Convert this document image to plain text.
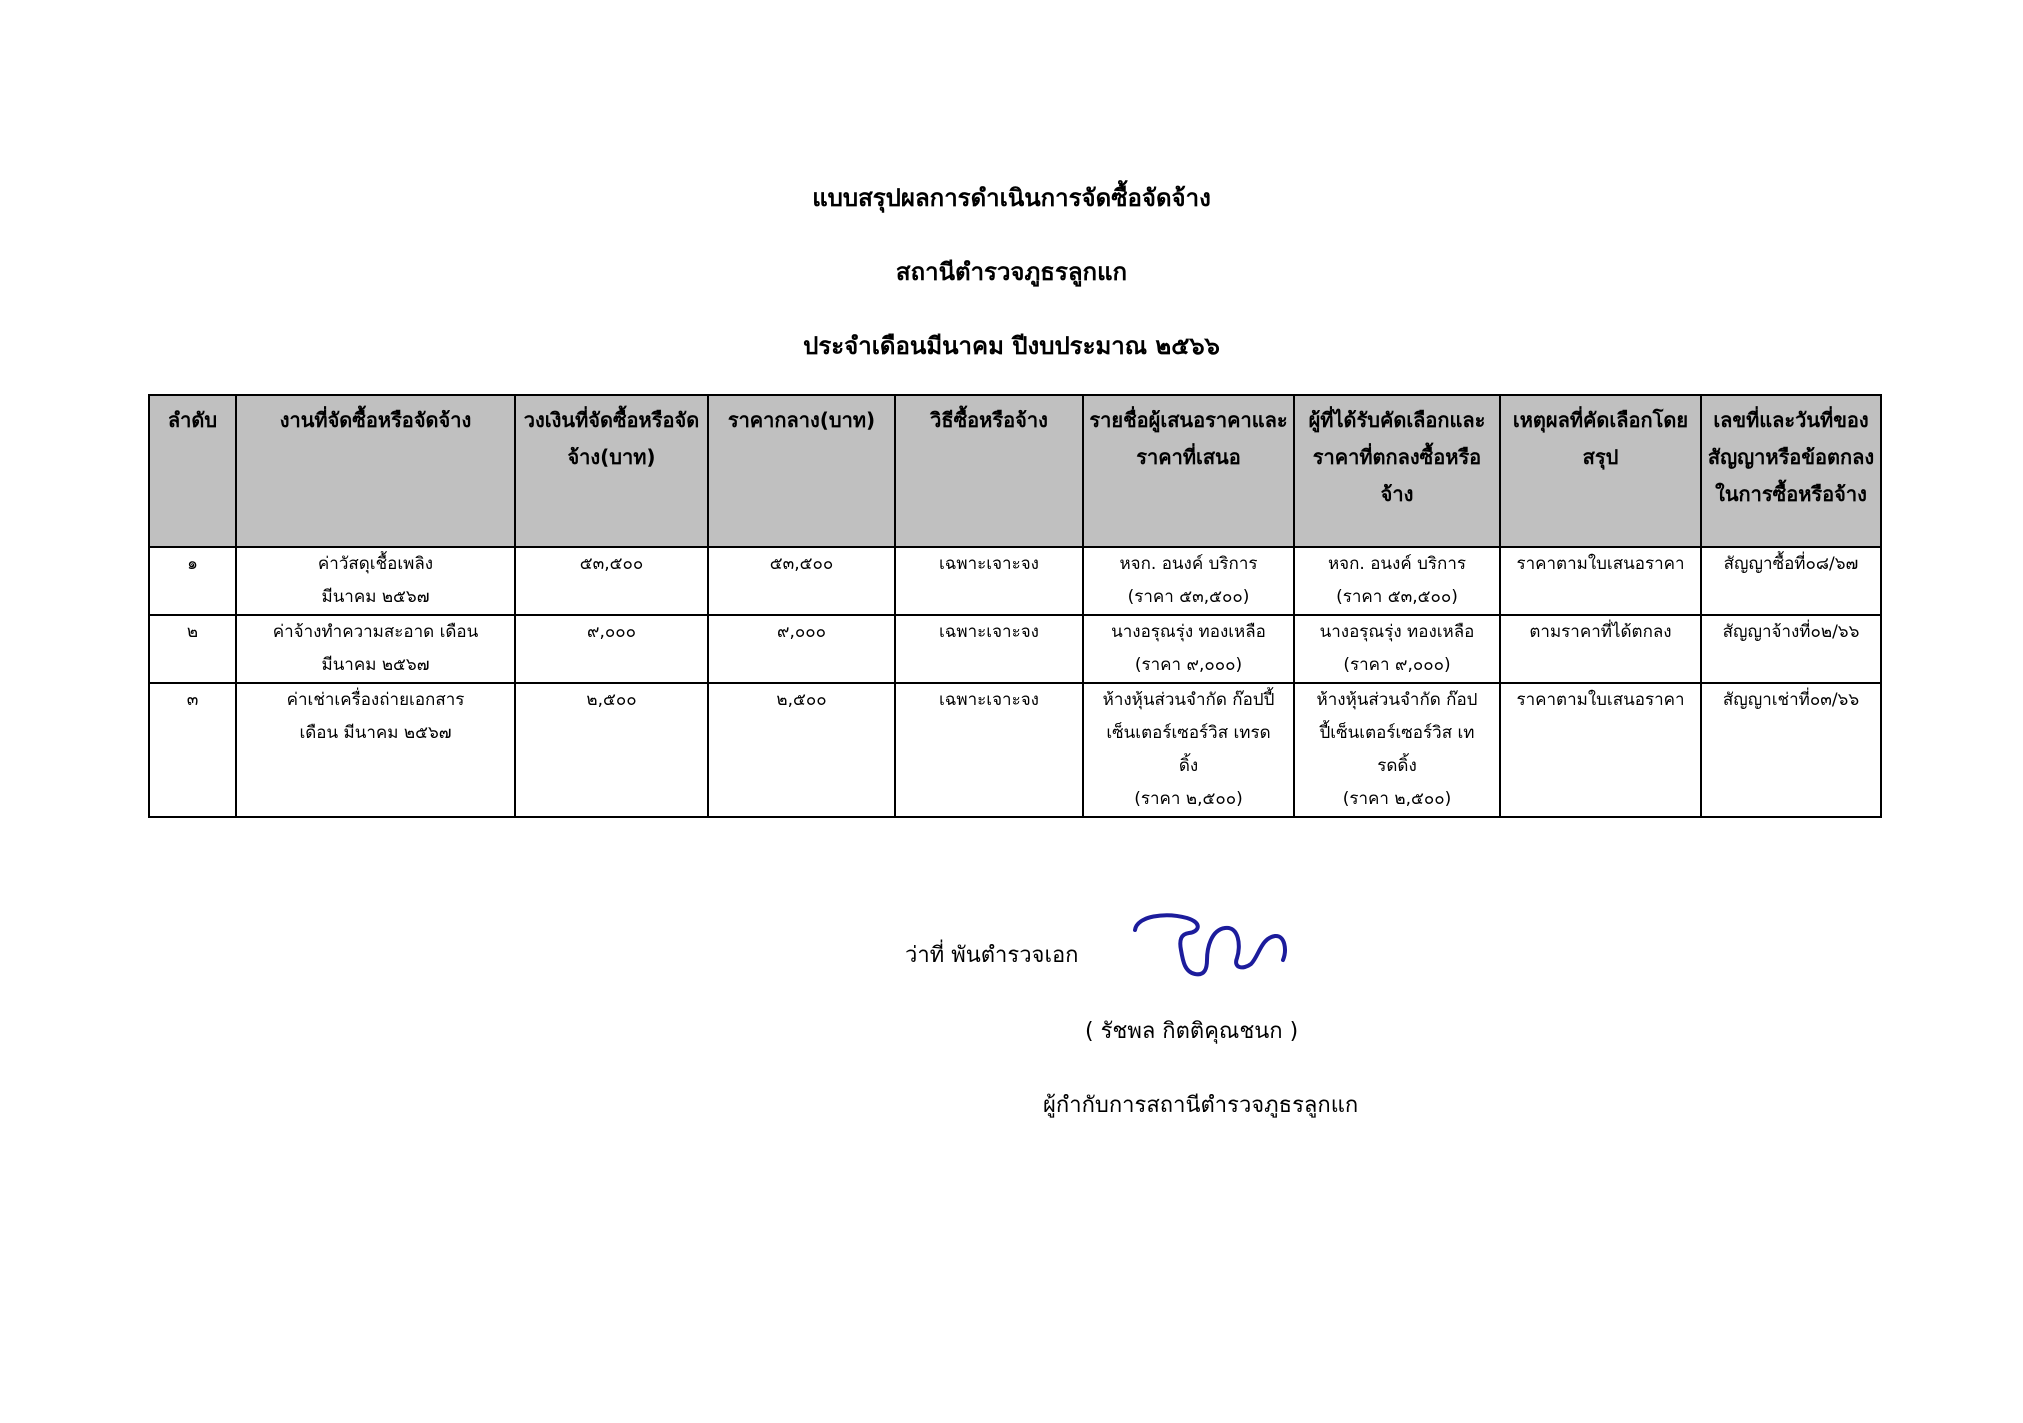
แบบสรุปผลการดำเนินการจัดซื้อจัดจ้าง
สถานีตำรวจภูธรลูกแก
ประจำเดือนมีนาคม ปีงบประมาณ ๒๕๖๖
ลำดับ	งานที่จัดซื้อหรือจัดจ้าง	วงเงินที่จัดซื้อหรือจัดจ้าง(บาท)	ราคากลาง(บาท)	วิธีซื้อหรือจ้าง	รายชื่อผู้เสนอราคาและราคาที่เสนอ	ผู้ที่ได้รับคัดเลือกและราคาที่ตกลงซื้อหรือจ้าง	เหตุผลที่คัดเลือกโดยสรุป	เลขที่และวันที่ของสัญญาหรือข้อตกลงในการซื้อหรือจ้าง

๑	ค่าวัสดุเชื้อเพลิง
มีนาคม ๒๕๖๗	๕๓,๕๐๐	๕๓,๕๐๐	เฉพาะเจาะจง	หจก. อนงค์ บริการ
(ราคา ๕๓,๕๐๐)	หจก. อนงค์ บริการ
(ราคา ๕๓,๕๐๐)	ราคาตามใบเสนอราคา	สัญญาซื้อที่๐๘/๖๗

๒	ค่าจ้างทำความสะอาด เดือน
มีนาคม ๒๕๖๗	๙,๐๐๐	๙,๐๐๐	เฉพาะเจาะจง	นางอรุณรุ่ง ทองเหลือ
(ราคา ๙,๐๐๐)	นางอรุณรุ่ง ทองเหลือ
(ราคา ๙,๐๐๐)	ตามราคาที่ได้ตกลง	สัญญาจ้างที่๐๒/๖๖

๓	ค่าเช่าเครื่องถ่ายเอกสาร
เดือน มีนาคม ๒๕๖๗	๒,๕๐๐	๒,๕๐๐	เฉพาะเจาะจง	ห้างหุ้นส่วนจำกัด ก๊อปปี้
เซ็นเตอร์เซอร์วิส เทรด
ดิ้ง
(ราคา ๒,๕๐๐)	ห้างหุ้นส่วนจำกัด ก๊อป
ปี้เซ็นเตอร์เซอร์วิส เท
รดดิ้ง
(ราคา ๒,๕๐๐)	ราคาตามใบเสนอราคา	สัญญาเช่าที่๐๓/๖๖
ว่าที่ พันตำรวจเอก
( รัชพล กิตติคุณชนก )
ผู้กำกับการสถานีตำรวจภูธรลูกแก
